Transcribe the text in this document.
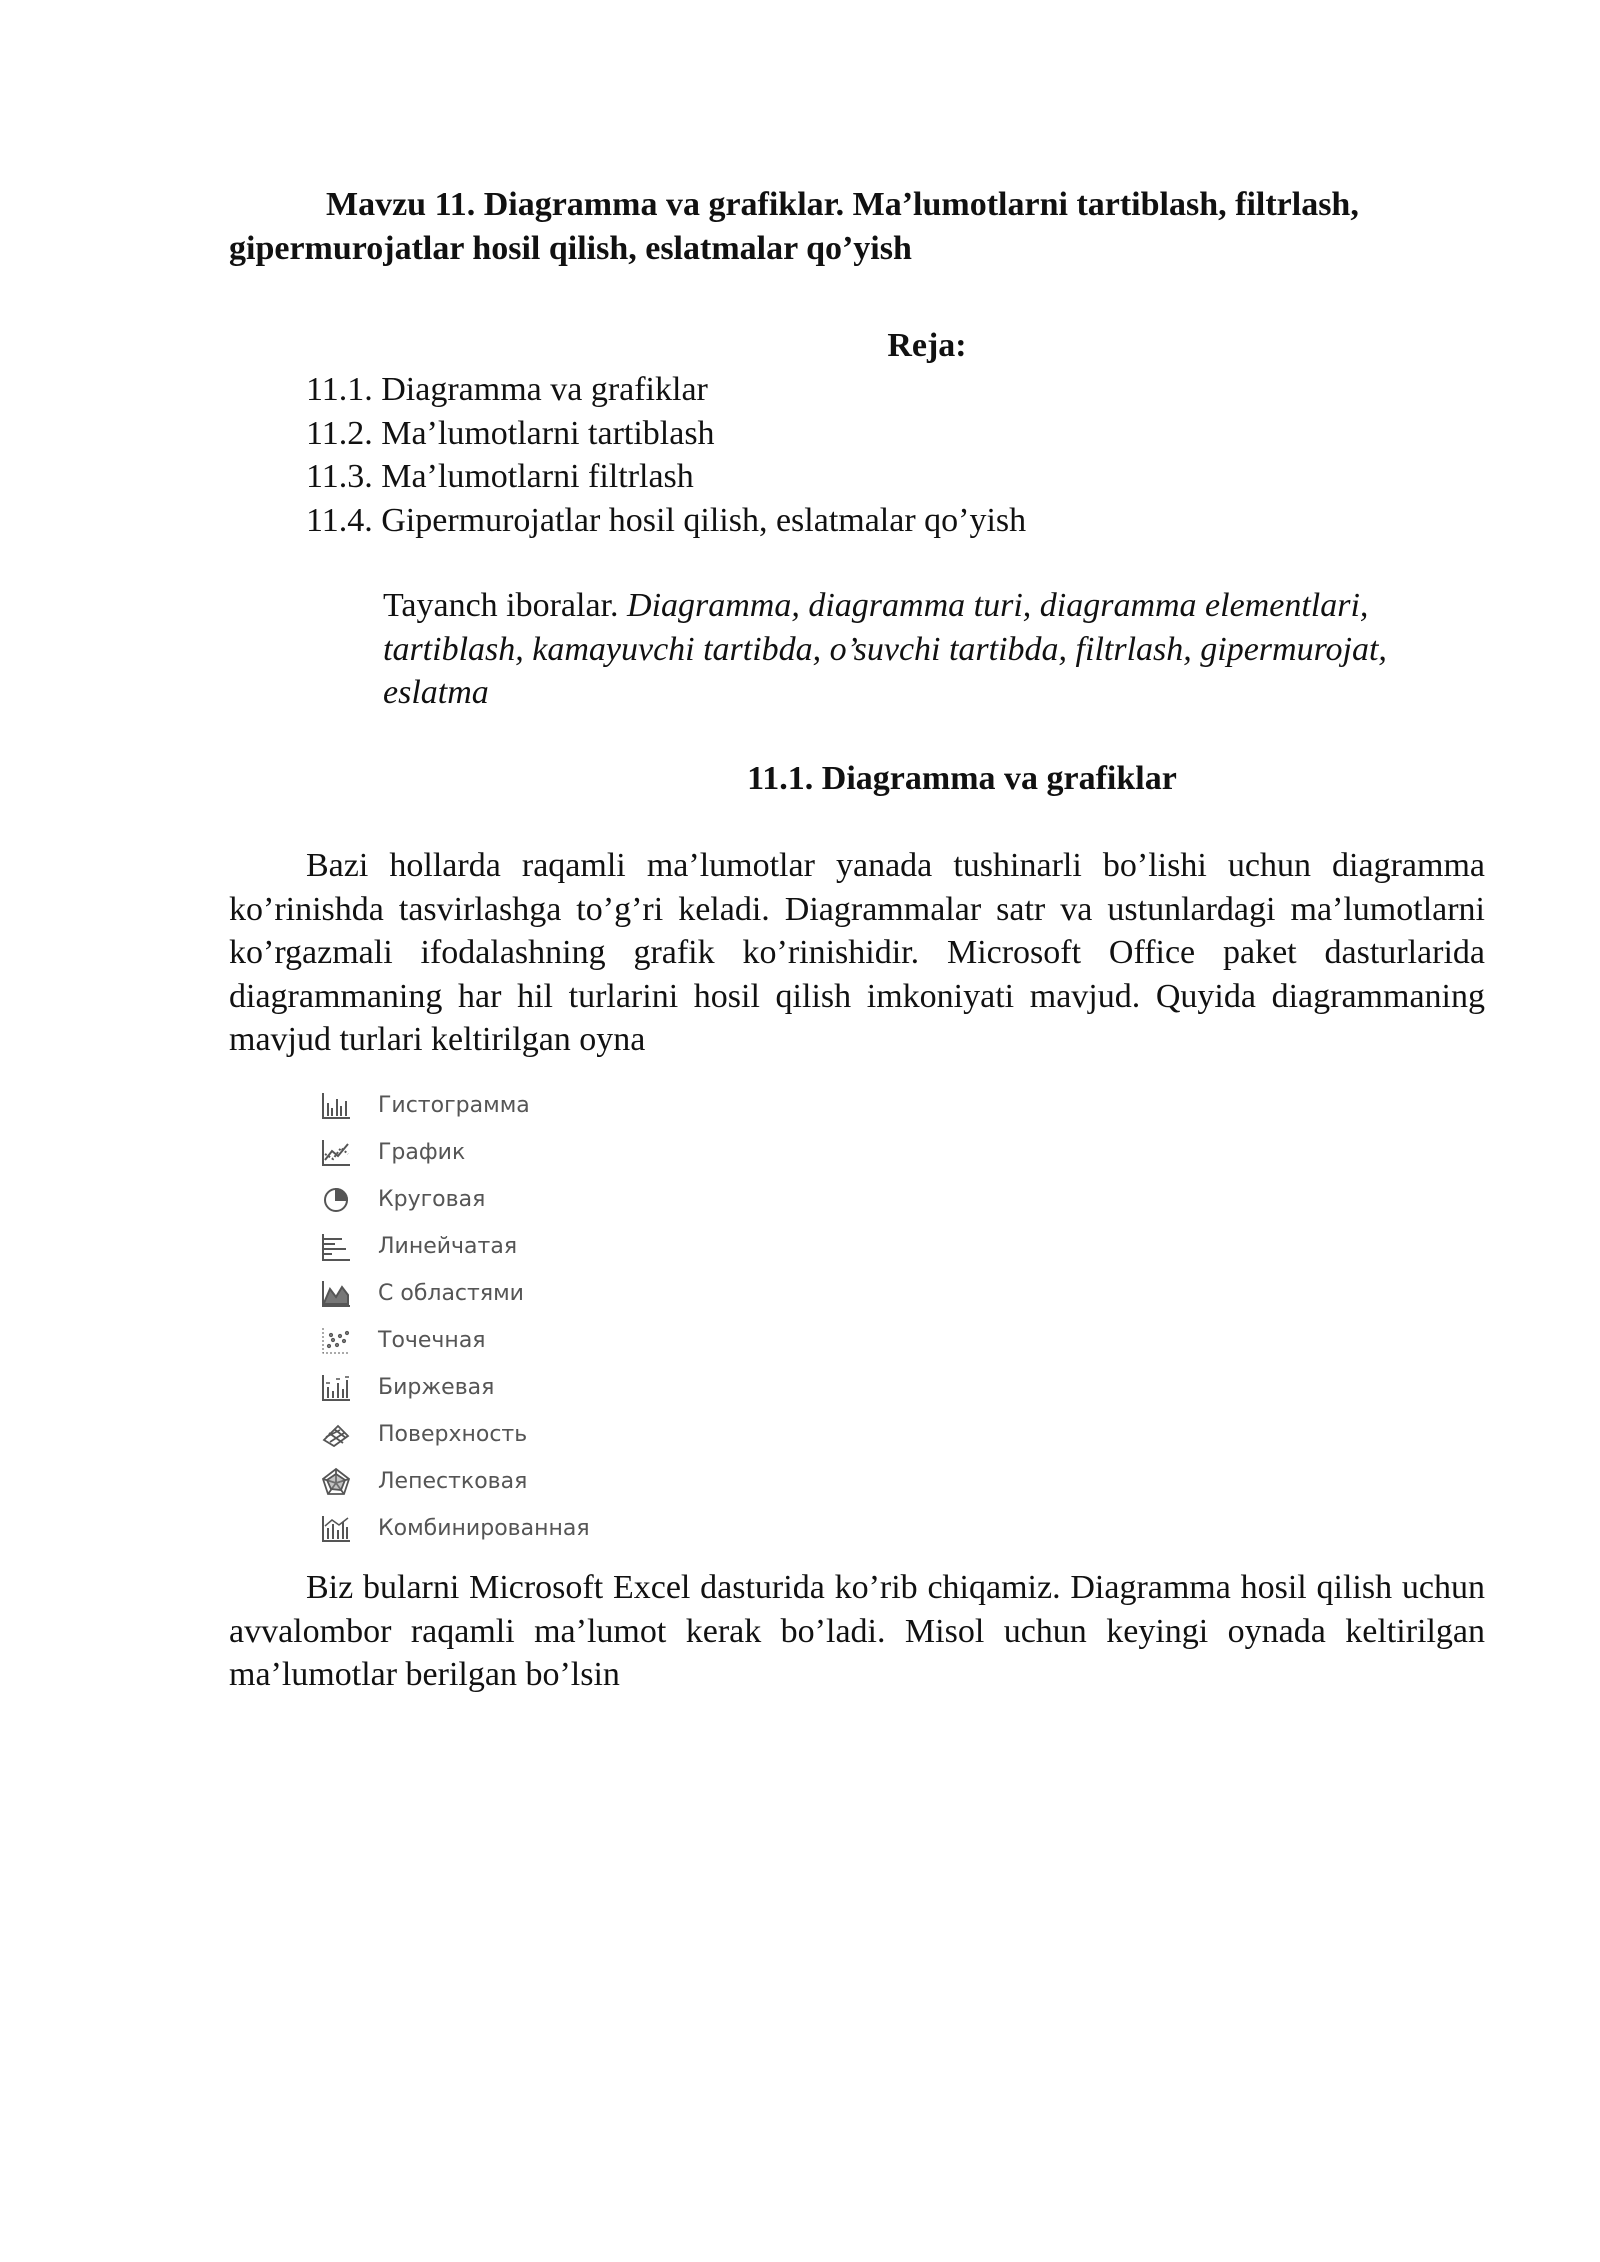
Mavzu 11. Diagramma va grafiklar. Ma’lumotlarni tartiblash, filtrlash, gipermurojatlar hosil qilish, eslatmalar qo’yish
Reja:
11.1. Diagramma va grafiklar
11.2. Ma’lumotlarni tartiblash
11.3. Ma’lumotlarni filtrlash
11.4. Gipermurojatlar hosil qilish, eslatmalar qo’yish
Tayanch iboralar. Diagramma, diagramma turi, diagramma elementlari, tartiblash, kamayuvchi tartibda, o’suvchi tartibda, filtrlash, gipermurojat, eslatma
11.1. Diagramma va grafiklar
Bazi hollarda raqamli ma’lumotlar yanada tushinarli bo’lishi uchun diagramma ko’rinishda tasvirlashga to’g’ri keladi. Diagrammalar satr va ustunlardagi ma’lumotlarni ko’rgazmali ifodalashning grafik ko’rinishidir. Microsoft Office paket dasturlarida diagrammaning har hil turlarini hosil qilish imkoniyati mavjud. Quyida diagrammaning mavjud turlari keltirilgan oyna
Гистограмма
График
Круговая
Линейчатая
С областями
Точечная
Биржевая
Поверхность
Лепестковая
Комбинированная
Biz bularni Microsoft Excel dasturida ko’rib chiqamiz. Diagramma hosil qilish uchun avvalombor raqamli ma’lumot kerak bo’ladi. Misol uchun keyingi oynada keltirilgan ma’lumotlar berilgan bo’lsin
